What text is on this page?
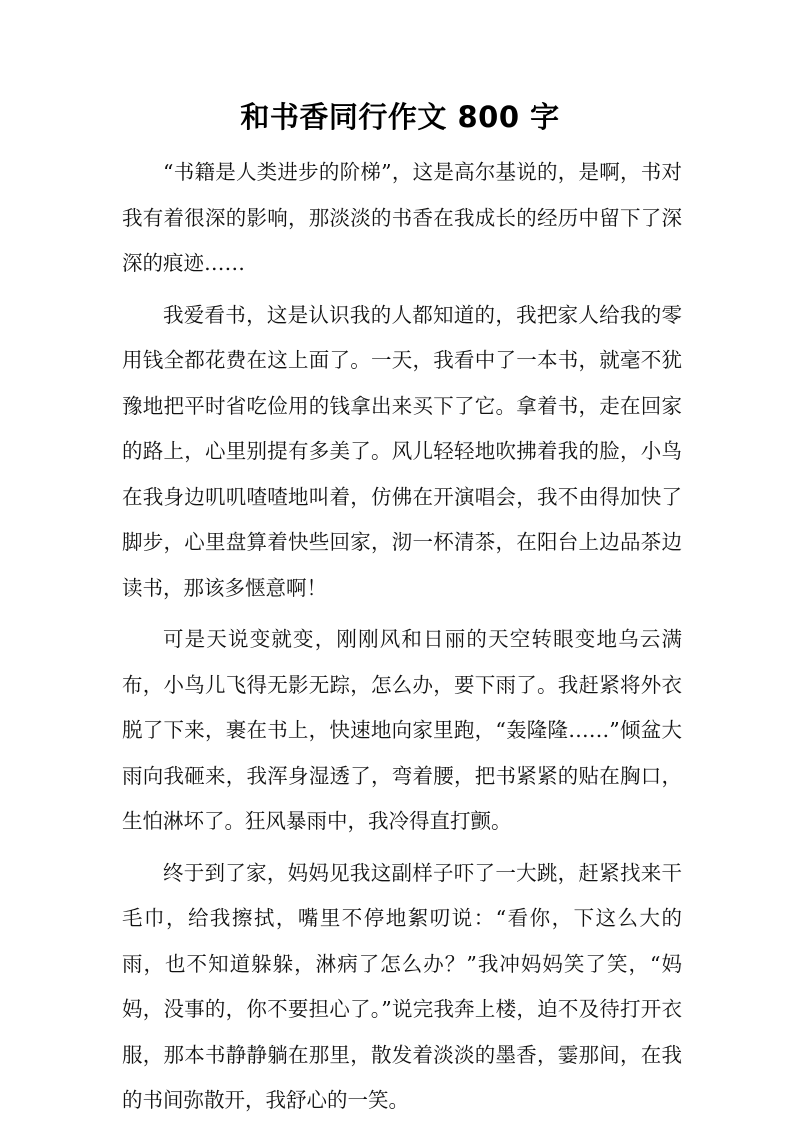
和书香同行作文 800 字

“书籍是人类进步的阶梯”，这是高尔基说的，是啊，书对我有着很深的影响，那淡淡的书香在我成长的经历中留下了深深的痕迹……

我爱看书，这是认识我的人都知道的，我把家人给我的零用钱全都花费在这上面了。一天，我看中了一本书，就毫不犹豫地把平时省吃俭用的钱拿出来买下了它。拿着书，走在回家的路上，心里别提有多美了。风儿轻轻地吹拂着我的脸，小鸟在我身边叽叽喳喳地叫着，仿佛在开演唱会，我不由得加快了脚步，心里盘算着快些回家，沏一杯清茶，在阳台上边品茶边读书，那该多惬意啊！

可是天说变就变，刚刚风和日丽的天空转眼变地乌云满布，小鸟儿飞得无影无踪，怎么办，要下雨了。我赶紧将外衣脱了下来，裹在书上，快速地向家里跑，“轰隆隆……”倾盆大雨向我砸来，我浑身湿透了，弯着腰，把书紧紧的贴在胸口，生怕淋坏了。狂风暴雨中，我冷得直打颤。

终于到了家，妈妈见我这副样子吓了一大跳，赶紧找来干毛巾，给我擦拭，嘴里不停地絮叨说：“看你，下这么大的雨，也不知道躲躲，淋病了怎么办？”我冲妈妈笑了笑，“妈妈，没事的，你不要担心了。”说完我奔上楼，迫不及待打开衣服，那本书静静躺在那里，散发着淡淡的墨香，霎那间，在我的书间弥散开，我舒心的一笑。
